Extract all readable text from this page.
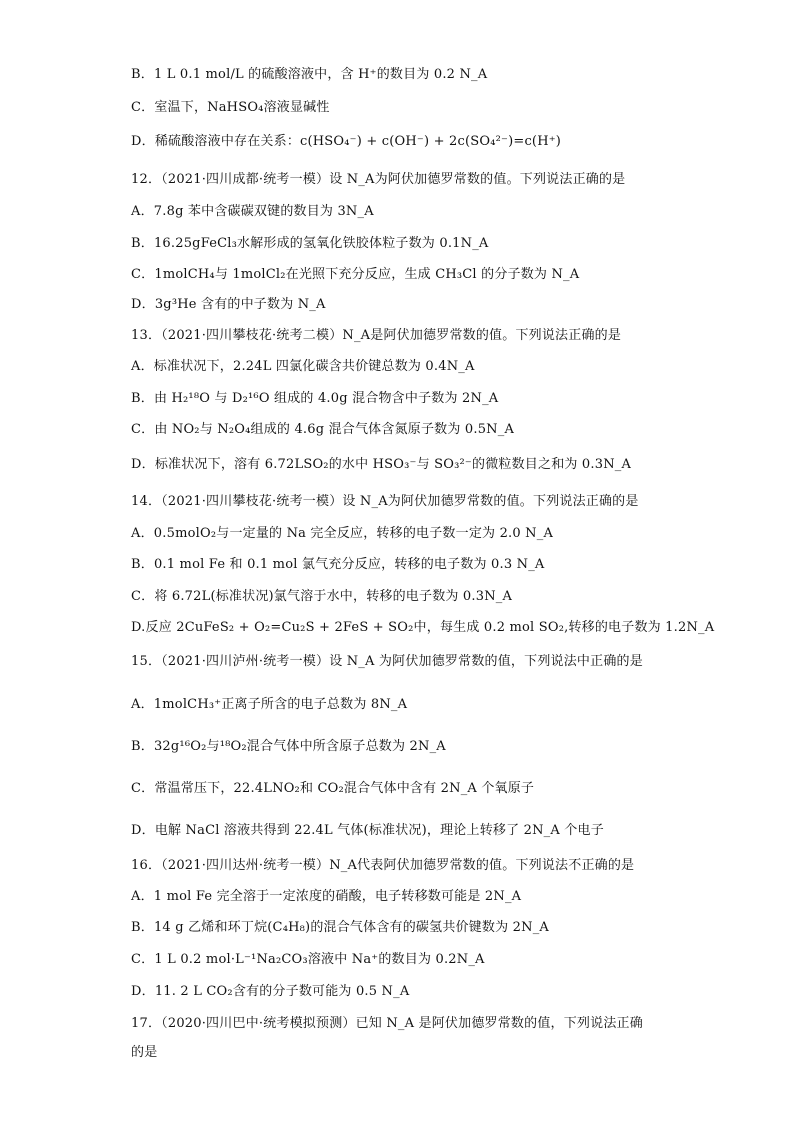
B．1 L 0.1 mol/L 的硫酸溶液中，含 H⁺的数目为 0.2 N_A
C．室温下，NaHSO₄溶液显碱性
D．稀硫酸溶液中存在关系：c(HSO₄⁻) + c(OH⁻) + 2c(SO₄²⁻)=c(H⁺)
12．（2021·四川成都·统考一模）设 N_A为阿伏加德罗常数的值。下列说法正确的是
A．7.8g 苯中含碳碳双键的数目为 3N_A
B．16.25gFeCl₃水解形成的氢氧化铁胶体粒子数为 0.1N_A
C．1molCH₄与 1molCl₂在光照下充分反应，生成 CH₃Cl 的分子数为 N_A
D．3g³He 含有的中子数为 N_A
13．（2021·四川攀枝花·统考二模）N_A是阿伏加德罗常数的值。下列说法正确的是
A．标准状况下，2.24L 四氯化碳含共价键总数为 0.4N_A
B．由 H₂¹⁸O 与 D₂¹⁶O 组成的 4.0g 混合物含中子数为 2N_A
C．由 NO₂与 N₂O₄组成的 4.6g 混合气体含氮原子数为 0.5N_A
D．标准状况下，溶有 6.72LSO₂的水中 HSO₃⁻与 SO₃²⁻的微粒数目之和为 0.3N_A
14．（2021·四川攀枝花·统考一模）设 N_A为阿伏加德罗常数的值。下列说法正确的是
A．0.5molO₂与一定量的 Na 完全反应，转移的电子数一定为 2.0 N_A
B．0.1 mol Fe 和 0.1 mol 氯气充分反应，转移的电子数为 0.3 N_A
C．将 6.72L(标准状况)氯气溶于水中，转移的电子数为 0.3N_A
D.反应 2CuFeS₂ + O₂=Cu₂S + 2FeS + SO₂中，每生成 0.2 mol SO₂,转移的电子数为 1.2N_A
15．（2021·四川泸州·统考一模）设 N_A 为阿伏加德罗常数的值，下列说法中正确的是
A．1molCH₃⁺正离子所含的电子总数为 8N_A
B．32g¹⁶O₂与¹⁸O₂混合气体中所含原子总数为 2N_A
C．常温常压下，22.4LNO₂和 CO₂混合气体中含有 2N_A 个氧原子
D．电解 NaCl 溶液共得到 22.4L 气体(标准状况)，理论上转移了 2N_A 个电子
16．（2021·四川达州·统考一模）N_A代表阿伏加德罗常数的值。下列说法不正确的是
A．1 mol Fe 完全溶于一定浓度的硝酸，电子转移数可能是 2N_A
B．14 g 乙烯和环丁烷(C₄H₈)的混合气体含有的碳氢共价键数为 2N_A
C．1 L 0.2 mol·L⁻¹Na₂CO₃溶液中 Na⁺的数目为 0.2N_A
D．11. 2 L CO₂含有的分子数可能为 0.5 N_A
17．（2020·四川巴中·统考模拟预测）已知 N_A 是阿伏加德罗常数的值，下列说法正确
的是
